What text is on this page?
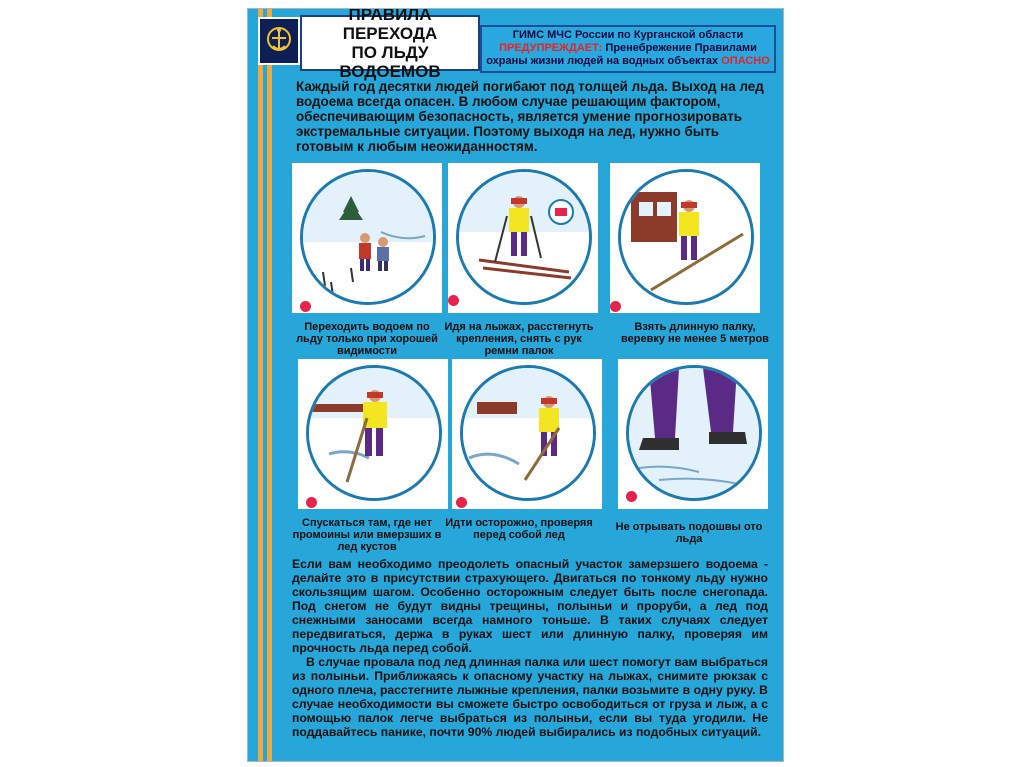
ПРАВИЛА ПЕРЕХОДА
ПО ЛЬДУ ВОДОЕМОВ
ГИМС МЧС России по Курганской области
ПРЕДУПРЕЖДАЕТ: Пренебрежение Правилами
охраны жизни людей на водных объектах ОПАСНО
Каждый год десятки людей погибают под толщей льда. Выход на лед водоема всегда опасен. В любом случае решающим фактором, обеспечивающим безопасность, является умение прогнозировать экстремальные ситуации. Поэтому выходя на лед, нужно быть готовым к любым неожиданностям.
Переходить водоем по льду только при хорошей видимости
Идя на лыжах, расстегнуть крепления, снять с рук ремни палок
Взять длинную палку, веревку не менее 5 метров
Спускаться там, где нет промоины или вмерзших в лед кустов
Идти осторожно, проверяя перед собой лед
Не отрывать подошвы ото льда

Если вам необходимо преодолеть опасный участок замерзшего водоема - делайте это в присутствии страхующего. Двигаться по тонкому льду нужно скользящим шагом. Особенно осторожным следует быть после снегопада. Под снегом не будут видны трещины, полыньи и проруби, а лед под снежными заносами всегда намного тоньше. В таких случаях следует передвигаться, держа в руках шест или длинную палку, проверяя им прочность льда перед собой.

В случае провала под лед длинная палка или шест помогут вам выбраться из полыньи. Приближаясь к опасному участку на лыжах, снимите рюкзак с одного плеча, расстегните лыжные крепления, палки возьмите в одну руку. В случае необходимости вы сможете быстро освободиться от груза и лыж, а с помощью палок легче выбраться из полыньи, если вы туда угодили. Не поддавайтесь панике, почти 90% людей выбирались из подобных ситуаций.
